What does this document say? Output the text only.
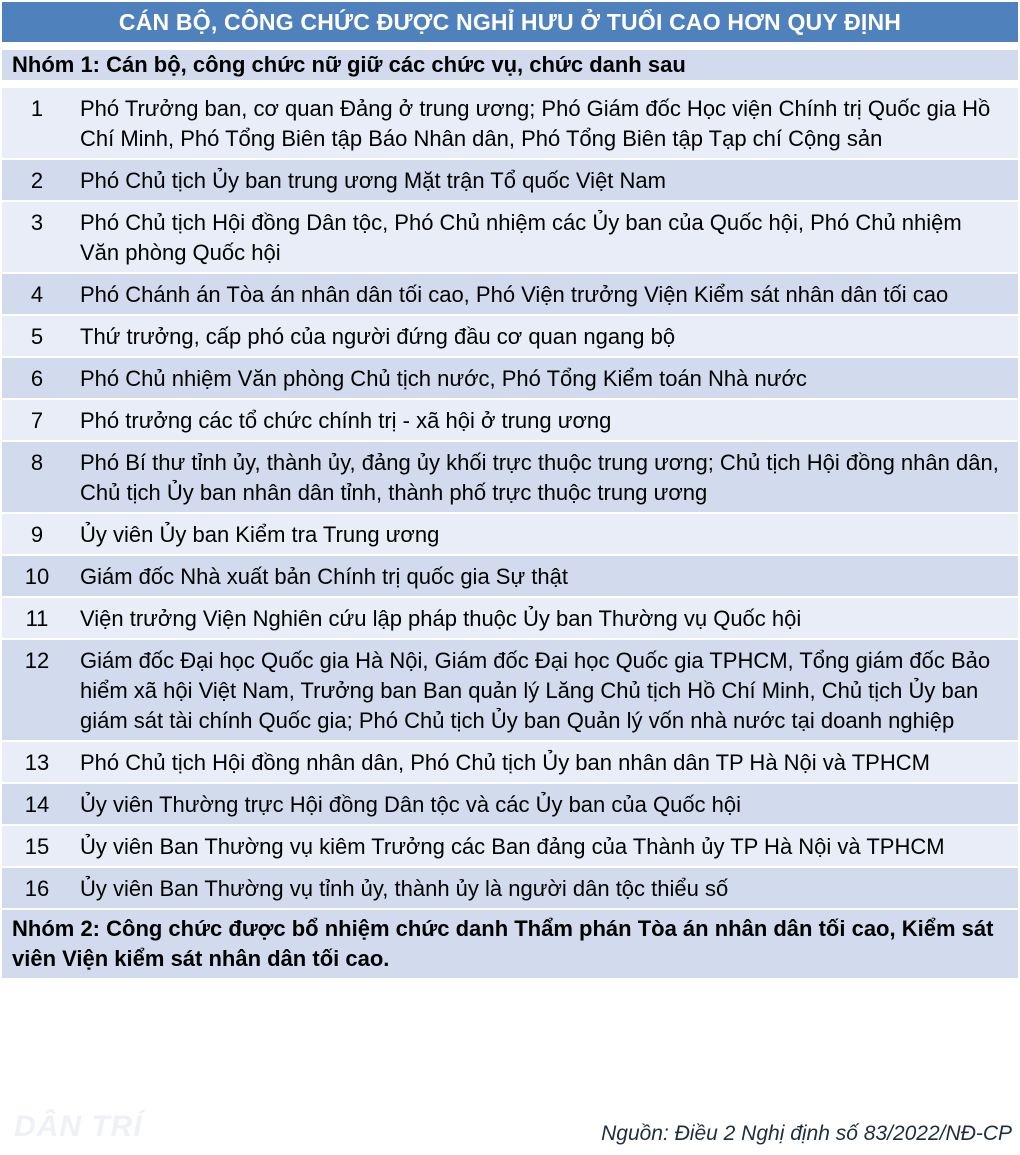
CÁN BỘ, CÔNG CHỨC ĐƯỢC NGHỈ HƯU Ở TUỔI CAO HƠN QUY ĐỊNH
Nhóm 1: Cán bộ, công chức nữ giữ các chức vụ, chức danh sau
1	Phó Trưởng ban, cơ quan Đảng ở trung ương; Phó Giám đốc Học viện Chính trị Quốc gia Hồ Chí Minh, Phó Tổng Biên tập Báo Nhân dân, Phó Tổng Biên tập Tạp chí Cộng sản
2	Phó Chủ tịch Ủy ban trung ương Mặt trận Tổ quốc Việt Nam
3	Phó Chủ tịch Hội đồng Dân tộc, Phó Chủ nhiệm các Ủy ban của Quốc hội, Phó Chủ nhiệm Văn phòng Quốc hội
4	Phó Chánh án Tòa án nhân dân tối cao, Phó Viện trưởng Viện Kiểm sát nhân dân tối cao
5	Thứ trưởng, cấp phó của người đứng đầu cơ quan ngang bộ
6	Phó Chủ nhiệm Văn phòng Chủ tịch nước, Phó Tổng Kiểm toán Nhà nước
7	Phó trưởng các tổ chức chính trị - xã hội ở trung ương
8	Phó Bí thư tỉnh ủy, thành ủy, đảng ủy khối trực thuộc trung ương; Chủ tịch Hội đồng nhân dân, Chủ tịch Ủy ban nhân dân tỉnh, thành phố trực thuộc trung ương
9	Ủy viên Ủy ban Kiểm tra Trung ương
10	Giám đốc Nhà xuất bản Chính trị quốc gia Sự thật
11	Viện trưởng Viện Nghiên cứu lập pháp thuộc Ủy ban Thường vụ Quốc hội
12	Giám đốc Đại học Quốc gia Hà Nội, Giám đốc Đại học Quốc gia TPHCM, Tổng giám đốc Bảo hiểm xã hội Việt Nam, Trưởng ban Ban quản lý Lăng Chủ tịch Hồ Chí Minh, Chủ tịch Ủy ban giám sát tài chính Quốc gia; Phó Chủ tịch Ủy ban Quản lý vốn nhà nước tại doanh nghiệp
13	Phó Chủ tịch Hội đồng nhân dân, Phó Chủ tịch Ủy ban nhân dân TP Hà Nội và TPHCM
14	Ủy viên Thường trực Hội đồng Dân tộc và các Ủy ban của Quốc hội
15	Ủy viên Ban Thường vụ kiêm Trưởng các Ban đảng của Thành ủy TP Hà Nội và TPHCM
16	Ủy viên Ban Thường vụ tỉnh ủy, thành ủy là người dân tộc thiểu số
Nhóm 2: Công chức được bổ nhiệm chức danh Thẩm phán Tòa án nhân dân tối cao, Kiểm sát viên Viện kiểm sát nhân dân tối cao.
DÂN TRÍ	Nguồn: Điều 2 Nghị định số 83/2022/NĐ-CP
